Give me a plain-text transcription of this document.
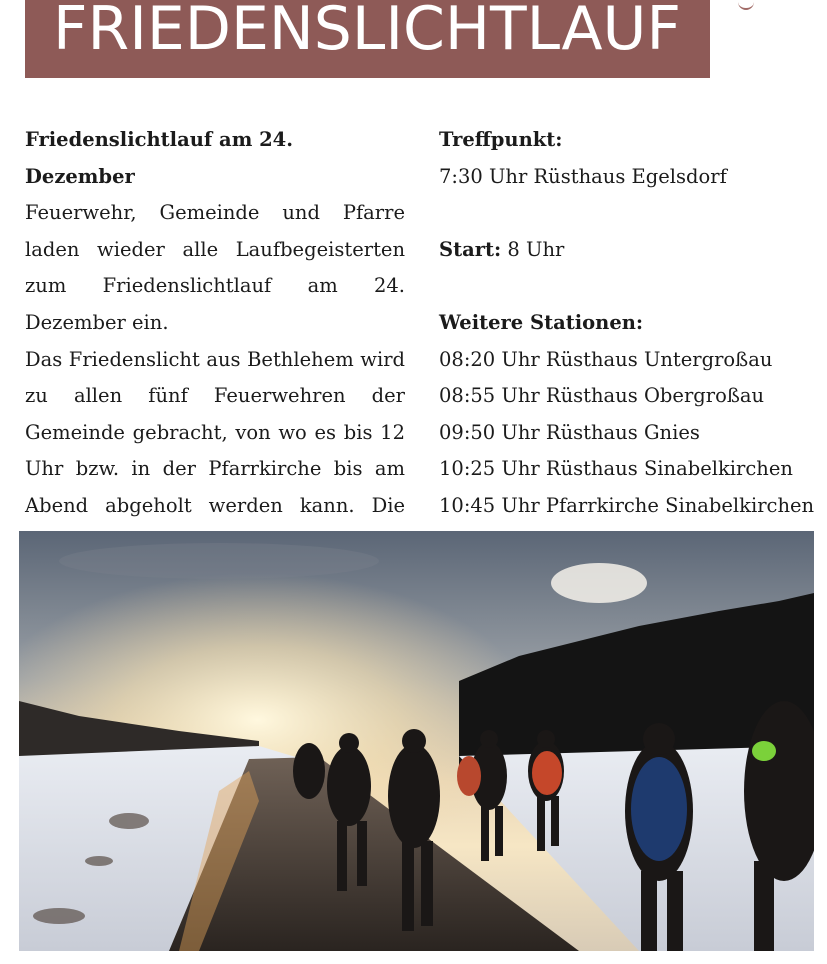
FRIEDENSLICHTLAUF

Friedenslichtlauf am 24. Dezember

Feuerwehr, Gemeinde und Pfarre laden wieder alle Laufbegeisterten zum Friedenslichtlauf am 24. Dezember ein.

Das Friedenslicht aus Bethlehem wird zu allen fünf Feuerwehren der Gemeinde gebracht, von wo es bis 12 Uhr bzw. in der Pfarrkirche bis am Abend abgeholt werden kann. Die

Treffpunkt:

7:30 Uhr Rüsthaus Egelsdorf

Start: 8 Uhr

Weitere Stationen:

08:20 Uhr Rüsthaus Untergroßau

08:55 Uhr Rüsthaus Obergroßau

09:50 Uhr Rüsthaus Gnies

10:25 Uhr Rüsthaus Sinabelkirchen

10:45 Uhr Pfarrkirche Sinabelkirchen
